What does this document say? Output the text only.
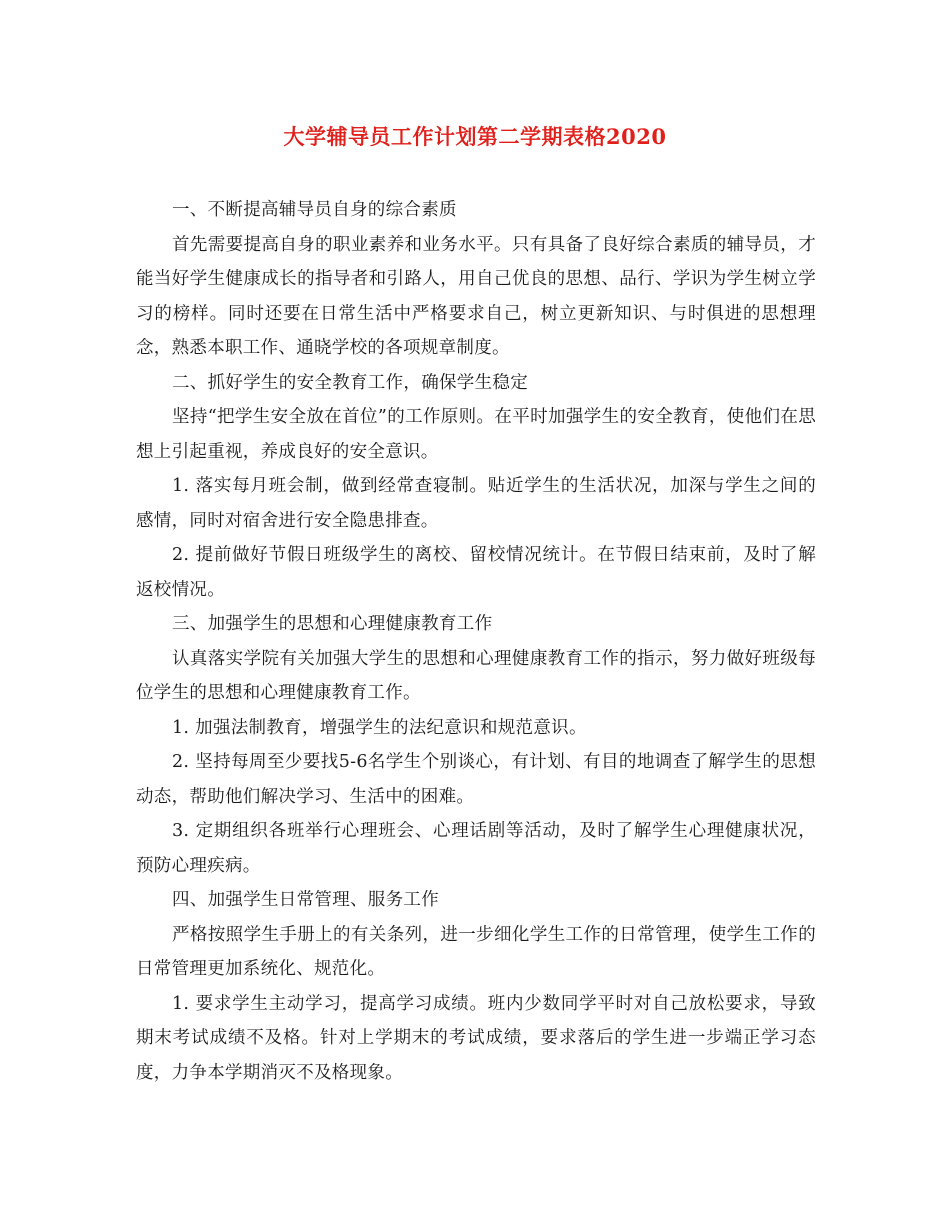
大学辅导员工作计划第二学期表格2020

一、不断提高辅导员自身的综合素质

首先需要提高自身的职业素养和业务水平。只有具备了良好综合素质的辅导员，才能当好学生健康成长的指导者和引路人，用自己优良的思想、品行、学识为学生树立学习的榜样。同时还要在日常生活中严格要求自己，树立更新知识、与时俱进的思想理念，熟悉本职工作、通晓学校的各项规章制度。

二、抓好学生的安全教育工作，确保学生稳定

坚持“把学生安全放在首位”的工作原则。在平时加强学生的安全教育，使他们在思想上引起重视，养成良好的安全意识。

1. 落实每月班会制，做到经常查寝制。贴近学生的生活状况，加深与学生之间的感情，同时对宿舍进行安全隐患排查。

2. 提前做好节假日班级学生的离校、留校情况统计。在节假日结束前，及时了解返校情况。

三、加强学生的思想和心理健康教育工作

认真落实学院有关加强大学生的思想和心理健康教育工作的指示，努力做好班级每位学生的思想和心理健康教育工作。

1. 加强法制教育，增强学生的法纪意识和规范意识。

2. 坚持每周至少要找5-6名学生个别谈心，有计划、有目的地调查了解学生的思想动态，帮助他们解决学习、生活中的困难。

3. 定期组织各班举行心理班会、心理话剧等活动，及时了解学生心理健康状况，预防心理疾病。

四、加强学生日常管理、服务工作

严格按照学生手册上的有关条列，进一步细化学生工作的日常管理，使学生工作的日常管理更加系统化、规范化。

1. 要求学生主动学习，提高学习成绩。班内少数同学平时对自己放松要求，导致期末考试成绩不及格。针对上学期末的考试成绩，要求落后的学生进一步端正学习态度，力争本学期消灭不及格现象。
